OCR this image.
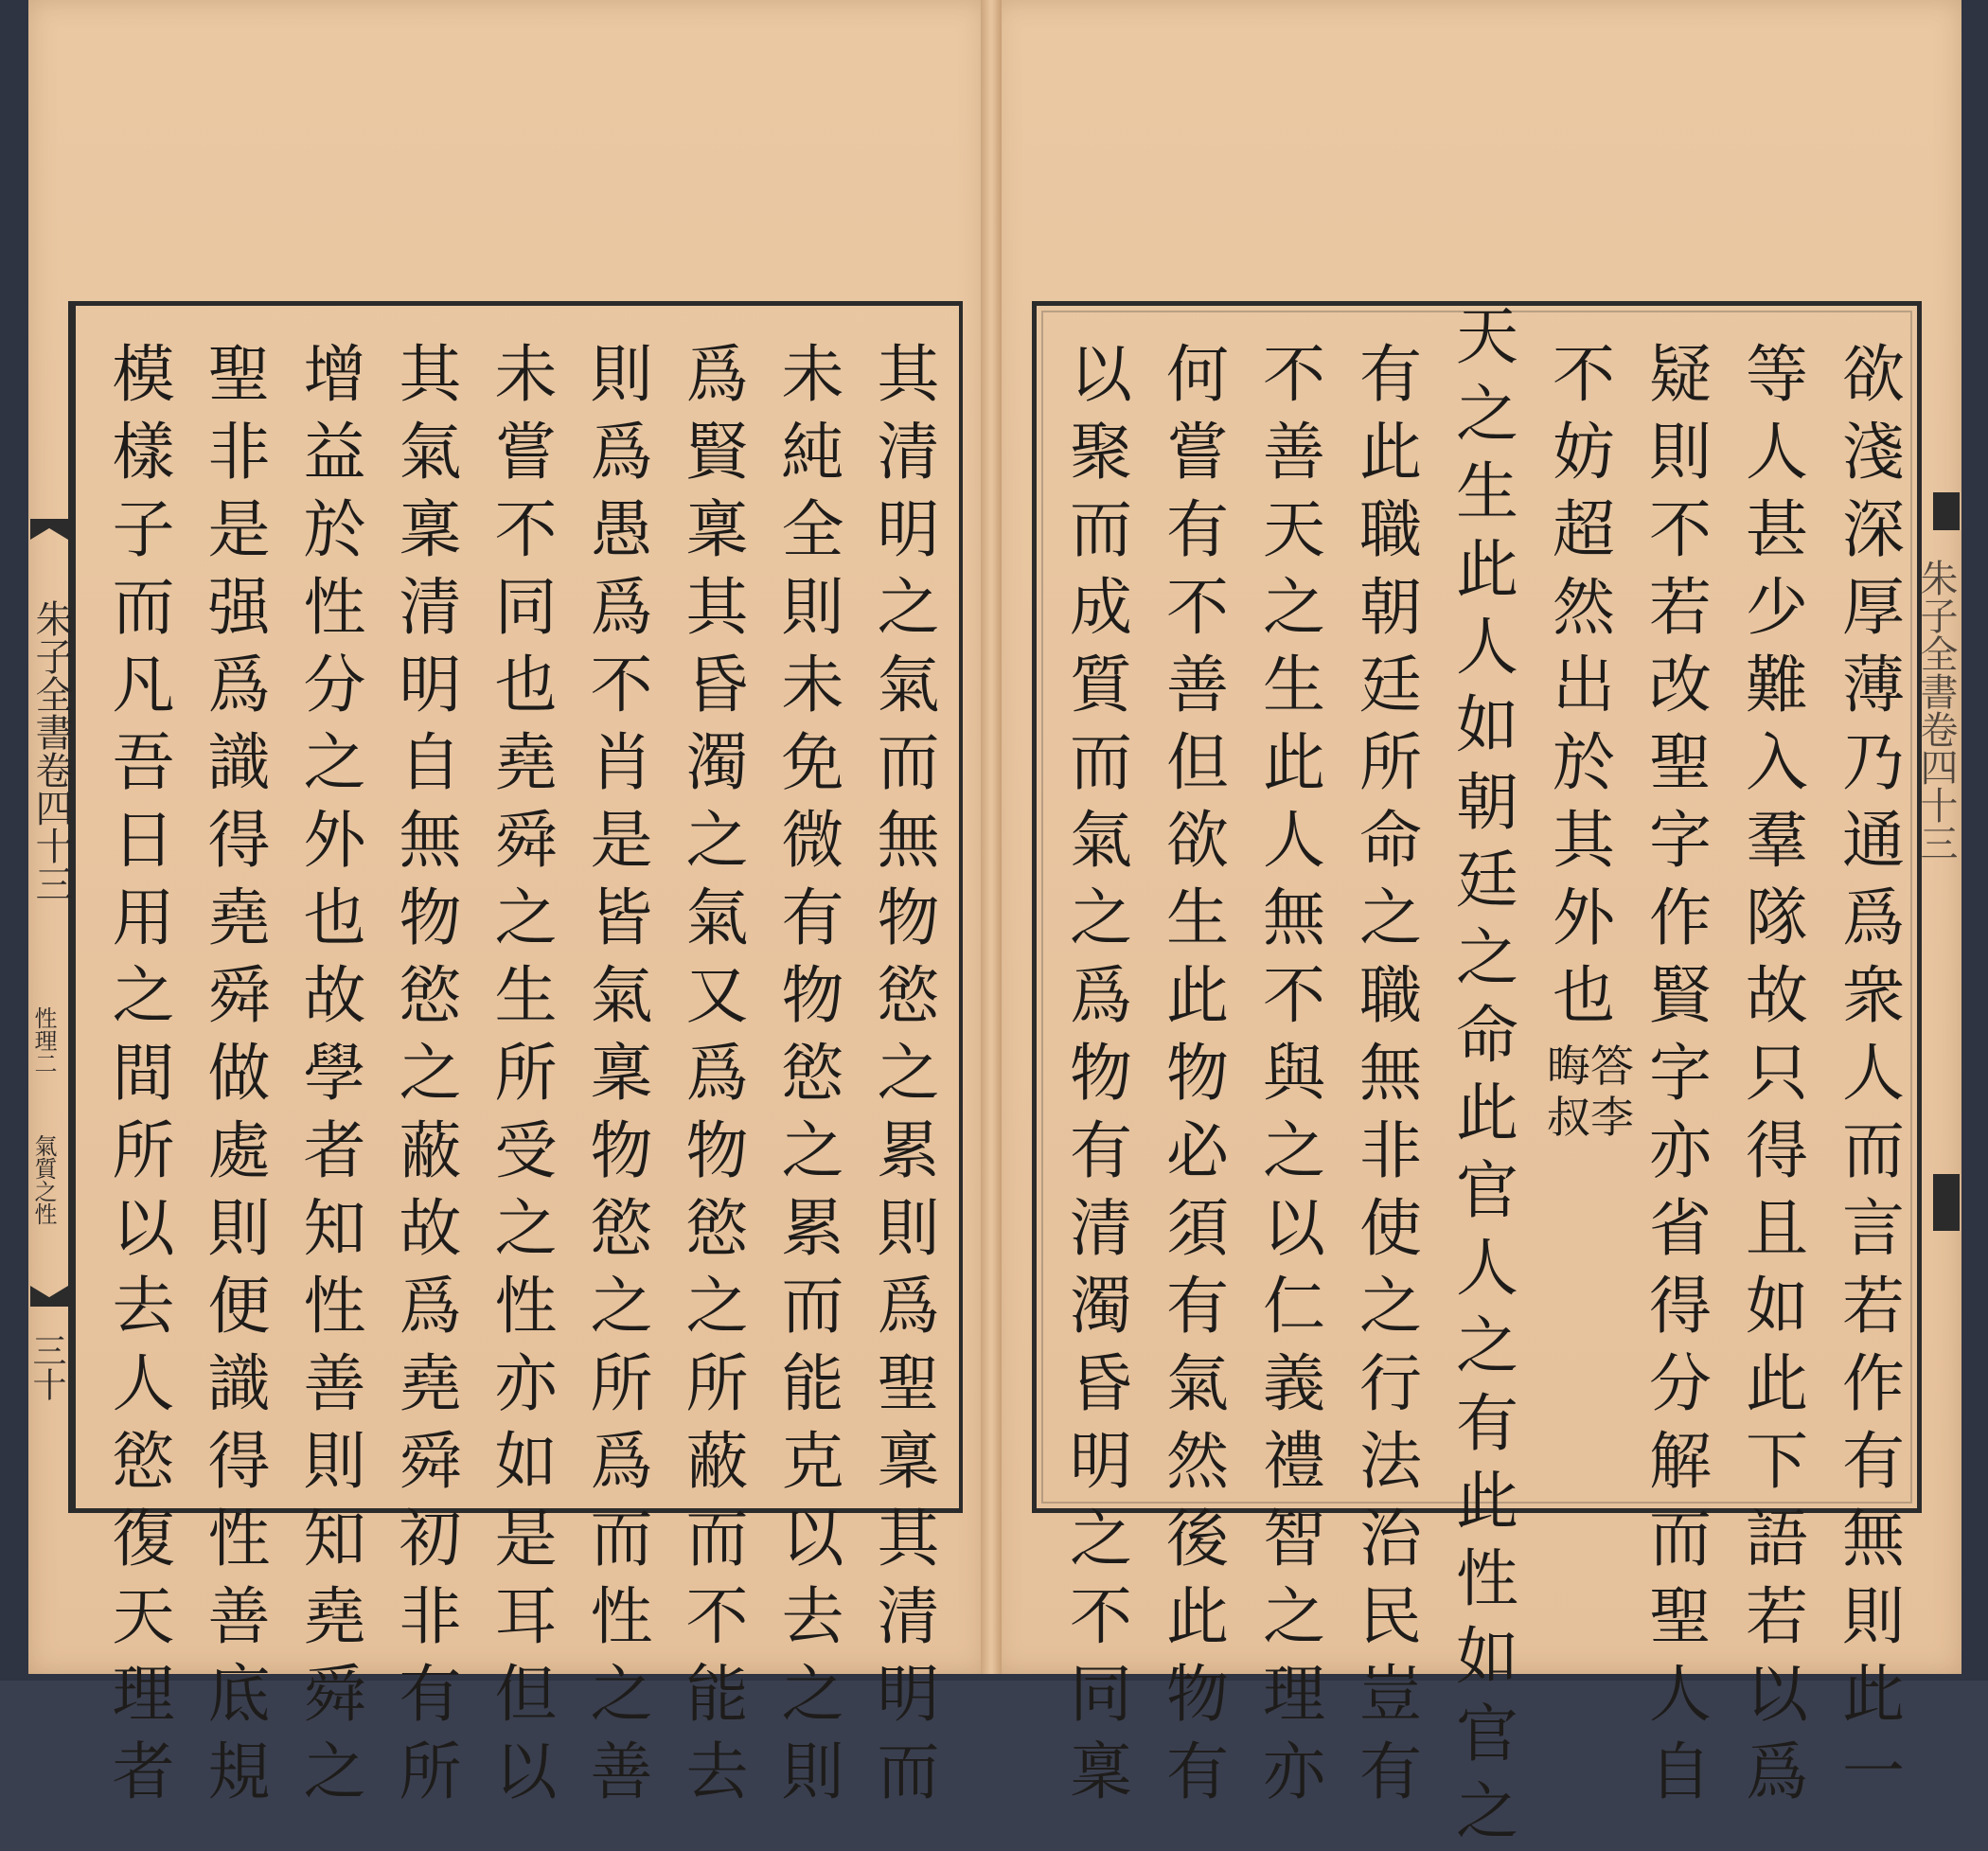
朱子全書卷四十三
性理二
氣質之性
三十
其
清
明
之
氣
而
無
物
慾
之
累
則
爲
聖
稟
其
清
明
而
未
純
全
則
未
免
微
有
物
慾
之
累
而
能
克
以
去
之
則
爲
賢
稟
其
昏
濁
之
氣
又
爲
物
慾
之
所
蔽
而
不
能
去
則
爲
愚
爲
不
肖
是
皆
氣
稟
物
慾
之
所
爲
而
性
之
善
未
嘗
不
同
也
堯
舜
之
生
所
受
之
性
亦
如
是
耳
但
以
其
氣
稟
清
明
自
無
物
慾
之
蔽
故
爲
堯
舜
初
非
有
所
增
益
於
性
分
之
外
也
故
學
者
知
性
善
則
知
堯
舜
之
聖
非
是
强
爲
識
得
堯
舜
做
處
則
便
識
得
性
善
底
規
模
樣
子
而
凡
吾
日
用
之
間
所
以
去
人
慾
復
天
理
者
朱子全書卷四十三
欲
淺
深
厚
薄
乃
通
爲
衆
人
而
言
若
作
有
無
則
此
一
等
人
甚
少
難
入
羣
隊
故
只
得
且
如
此
下
語
若
以
爲
疑
則
不
若
改
聖
字
作
賢
字
亦
省
得
分
解
而
聖
人
自
不
妨
超
然
出
於
其
外
也
答
李
晦
叔
天
之
生
此
人
如
朝
廷
之
命
此
官
人
之
有
此
性
如
官
之
有
此
職
朝
廷
所
命
之
職
無
非
使
之
行
法
治
民
豈
有
不
善
天
之
生
此
人
無
不
與
之
以
仁
義
禮
智
之
理
亦
何
嘗
有
不
善
但
欲
生
此
物
必
須
有
氣
然
後
此
物
有
以
聚
而
成
質
而
氣
之
爲
物
有
清
濁
昏
明
之
不
同
稟
